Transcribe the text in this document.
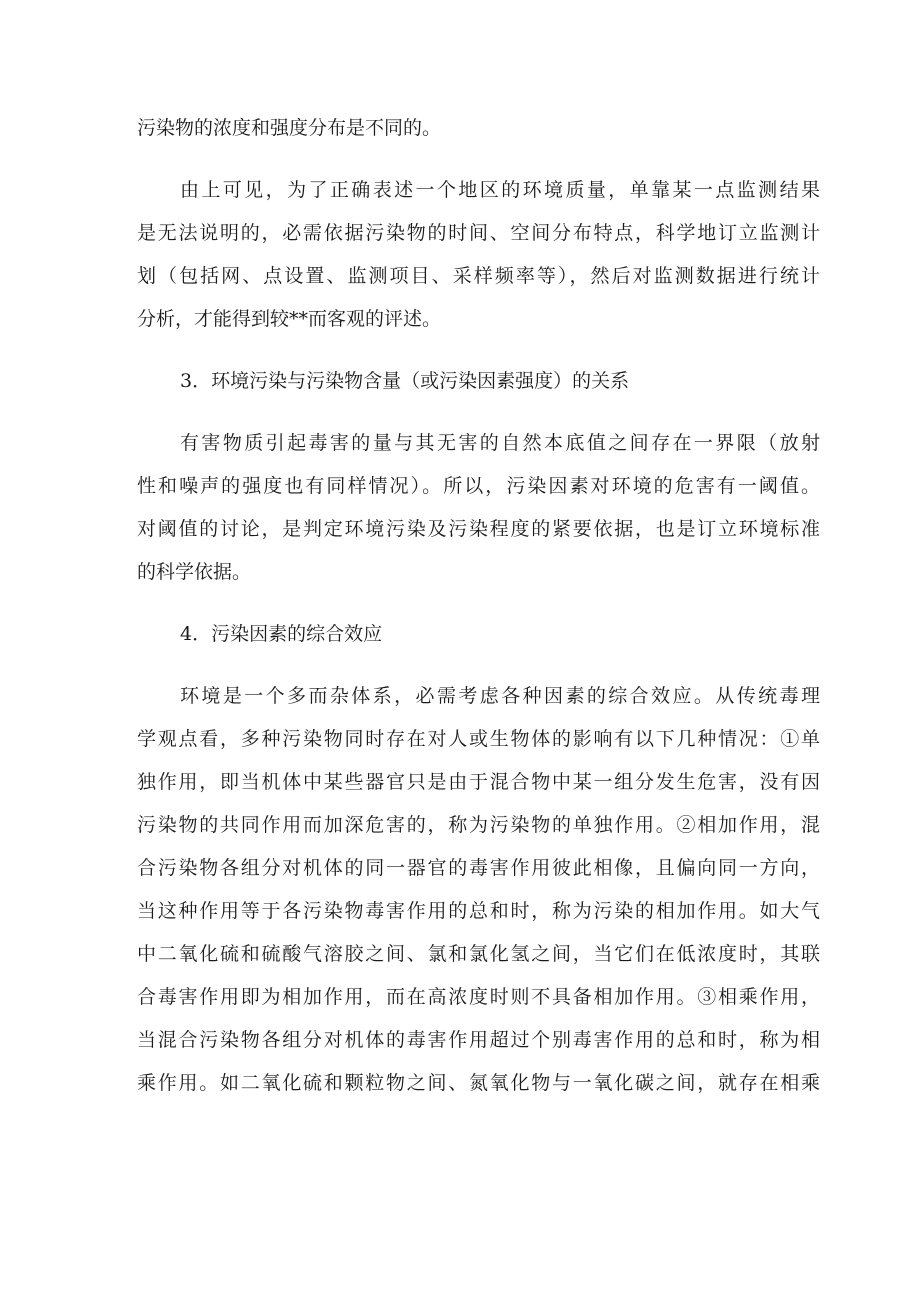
污染物的浓度和强度分布是不同的。

由上可见，为了正确表述一个地区的环境质量，单靠某一点监测结果

是无法说明的，必需依据污染物的时间、空间分布特点，科学地订立监测计

划（包括网、点设置、监测项目、采样频率等），然后对监测数据进行统计

分析，才能得到较**而客观的评述。

3．环境污染与污染物含量（或污染因素强度）的关系

有害物质引起毒害的量与其无害的自然本底值之间存在一界限（放射

性和噪声的强度也有同样情况）。所以，污染因素对环境的危害有一阈值。

对阈值的讨论，是判定环境污染及污染程度的紧要依据，也是订立环境标准

的科学依据。

4．污染因素的综合效应

环境是一个多而杂体系，必需考虑各种因素的综合效应。从传统毒理

学观点看，多种污染物同时存在对人或生物体的影响有以下几种情况：①单

独作用，即当机体中某些器官只是由于混合物中某一组分发生危害，没有因

污染物的共同作用而加深危害的，称为污染物的单独作用。②相加作用，混

合污染物各组分对机体的同一器官的毒害作用彼此相像，且偏向同一方向，

当这种作用等于各污染物毒害作用的总和时，称为污染的相加作用。如大气

中二氧化硫和硫酸气溶胶之间、氯和氯化氢之间，当它们在低浓度时，其联

合毒害作用即为相加作用，而在高浓度时则不具备相加作用。③相乘作用，

当混合污染物各组分对机体的毒害作用超过个别毒害作用的总和时，称为相

乘作用。如二氧化硫和颗粒物之间、氮氧化物与一氧化碳之间，就存在相乘
